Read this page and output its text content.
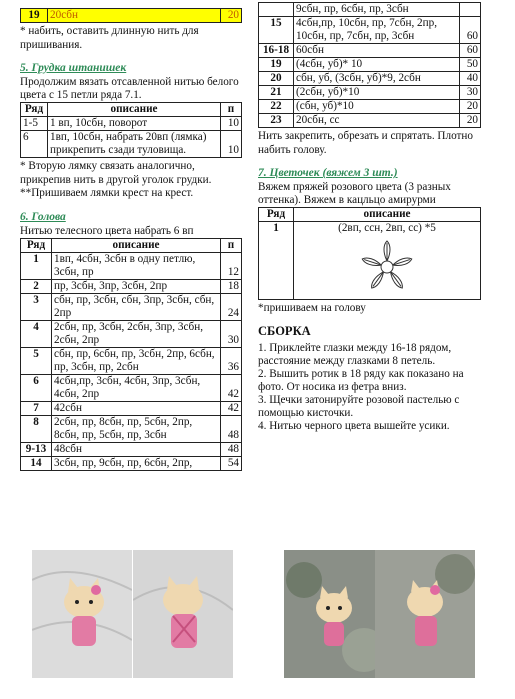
19	20сбн	20

* набить, оставить длинную нить для пришивания.

5. Грудка штанишек

Продолжим вязать отсавленной нитью белого цвета с 15 петли ряда 7.1.

Ряд	описание	п
1-5	1 вп, 10сбн, поворот	10
6	1вп, 10сбн, набрать 20вп (лямка) прикрепить сзади туловища.	10

* Вторую лямку связать аналогично, прикрепив нить в другой уголок грудки.

**Пришиваем лямки крест на крест.

6. Голова

Нитью телесного цвета набрать 6 вп

Ряд	описание	п
1	1вп, 4сбн, 3сбн в одну петлю, 3сбн, пр	12
2	пр, 3сбн, 3пр, 3сбн, 2пр	18
3	сбн, пр, 3сбн, сбн, 3пр, 3сбн, сбн, 2пр	24
4	2сбн, пр, 3сбн, 2сбн, 3пр, 3сбн, 2сбн, 2пр	30
5	сбн, пр, 6сбн, пр, 3сбн, 2пр, 6сбн, пр, 3сбн, пр, 2сбн	36
6	4сбн,пр, 3сбн, 4сбн, 3пр, 3сбн, 4сбн, 2пр	42
7	42сбн	42
8	2сбн, пр, 8сбн, пр, 5сбн, 2пр, 8сбн, пр, 5сбн, пр, 3сбн	48
9-13	48сбн	48
14	3сбн, пр, 9сбн, пр, 6сбн, 2пр,	54
	9сбн, пр, 6сбн, пр, 3сбн	
15	4сбн,пр, 10сбн, пр, 7сбн, 2пр, 10сбн, пр, 7сбн, пр, 3сбн	60
16-18	60сбн	60
19	(4сбн, уб)* 10	50
20	сбн, уб, (3сбн, уб)*9, 2сбн	40
21	(2сбн, уб)*10	30
22	(сбн, уб)*10	20
23	20сбн, сс	20

Нить закрепить, обрезать и спрятать. Плотно набить голову.

7. Цветочек (вяжем 3 шт.)

Вяжем пряжей розового цвета (3 разных оттенка). Вяжем в кацльцо амирурми

Ряд	описание
1	(2вп, ссн, 2вп, сс) *5

*пришиваем на голову

СБОРКА

1. Приклейте глазки между 16-18 рядом, расстояние между глазками 8 петель.

2. Вышить ротик в 18 ряду как показано на фото. От носика из фетра вниз.

3. Щечки затонируйте розовой пастелью с помощью кисточки.

4. Нитью черного цвета вышейте усики.
